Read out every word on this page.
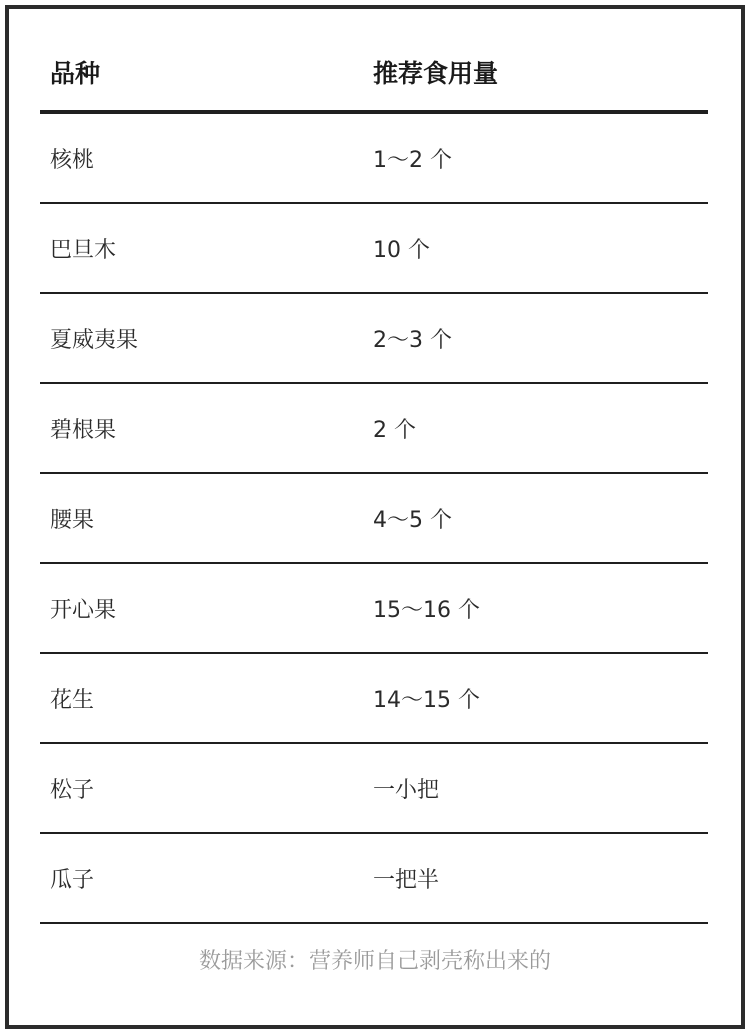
品种	推荐食用量
核桃	1～2 个
巴旦木	10 个
夏威夷果	2～3 个
碧根果	2 个
腰果	4～5 个
开心果	15～16 个
花生	14～15 个
松子	一小把
瓜子	一把半
数据来源：营养师自己剥壳称出来的
